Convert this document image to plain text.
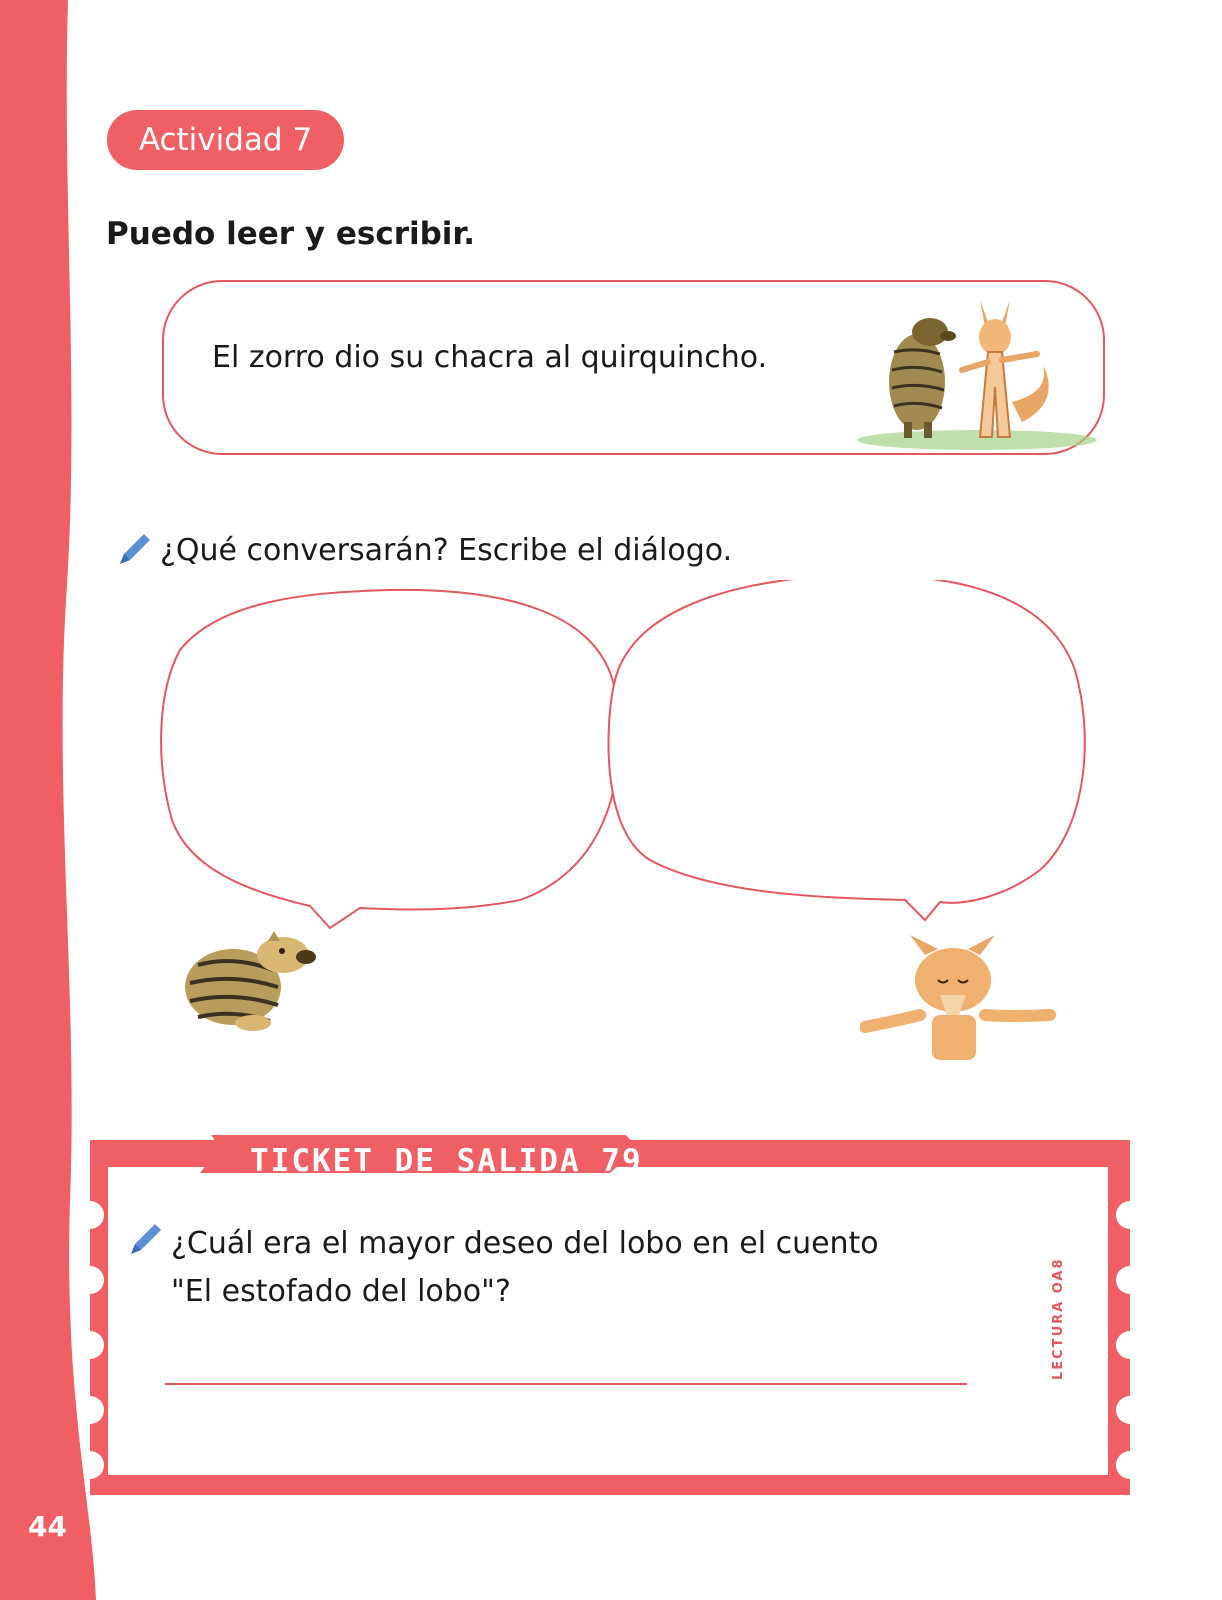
44
Actividad 7
Puedo leer y escribir.
El zorro dio su chacra al quirquincho.
¿Qué conversarán? Escribe el diálogo.
TICKET DE SALIDA 79
¿Cuál era el mayor deseo del lobo en el cuento
"El estofado del lobo"?	LECTURA OA8
